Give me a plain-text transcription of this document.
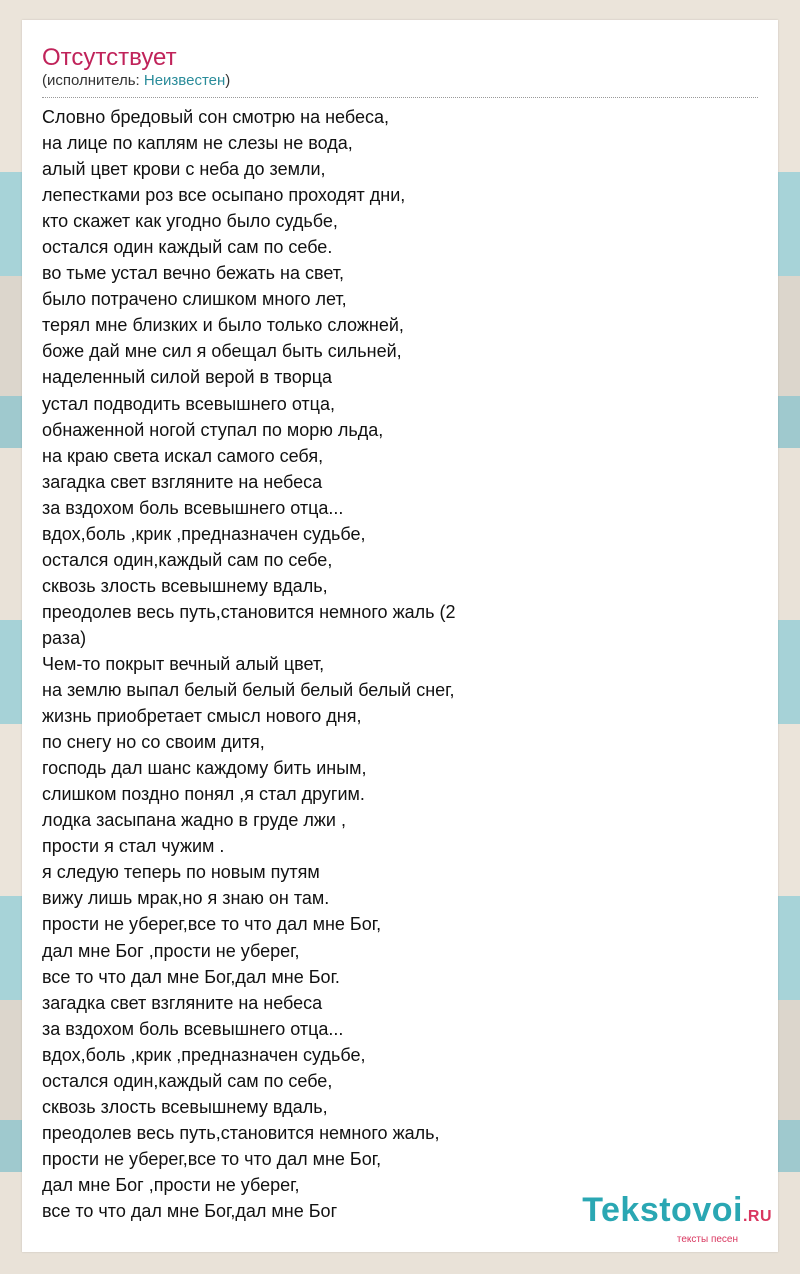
Отсутствует
(исполнитель: Неизвестен)
Словно бредовый сон смотрю на небеса,
на лице по каплям не слезы не вода,
алый цвет крови с неба до земли,
лепестками роз все осыпано проходят дни,
кто скажет как угодно было судьбе,
остался один каждый сам по себе.
во тьме устал вечно бежать на свет,
было потрачено слишком много лет,
терял мне близких и было только сложней,
боже дай мне сил я обещал быть сильней,
наделенный силой верой в творца
устал подводить всевышнего отца,
обнаженной ногой ступал по морю льда,
на краю света искал самого себя,
загадка свет взгляните на небеса
за вздохом боль всевышнего отца...
вдох,боль ,крик ,предназначен судьбе,
остался один,каждый сам по себе,
сквозь злость всевышнему вдаль,
преодолев весь путь,становится немного жаль (2
раза)
Чем-то покрыт вечный алый цвет,
на землю выпал белый белый белый белый снег,
жизнь приобретает смысл нового дня,
по снегу но со своим дитя,
господь дал шанс каждому бить иным,
слишком поздно понял ,я стал другим.
лодка засыпана жадно в груде лжи ,
прости я стал чужим .
я следую теперь по новым путям
вижу лишь мрак,но я знаю он там.
прости не уберег,все то что дал мне Бог,
дал мне Бог ,прости не уберег,
все то что дал мне Бог,дал мне Бог.
загадка свет взгляните на небеса
за вздохом боль всевышнего отца...
вдох,боль ,крик ,предназначен судьбе,
остался один,каждый сам по себе,
сквозь злость всевышнему вдаль,
преодолев весь путь,становится немного жаль,
прости не уберег,все то что дал мне Бог,
дал мне Бог ,прости не уберег,
все то что дал мне Бог,дал мне Бог	Tekstovoi.RU
тексты песен
